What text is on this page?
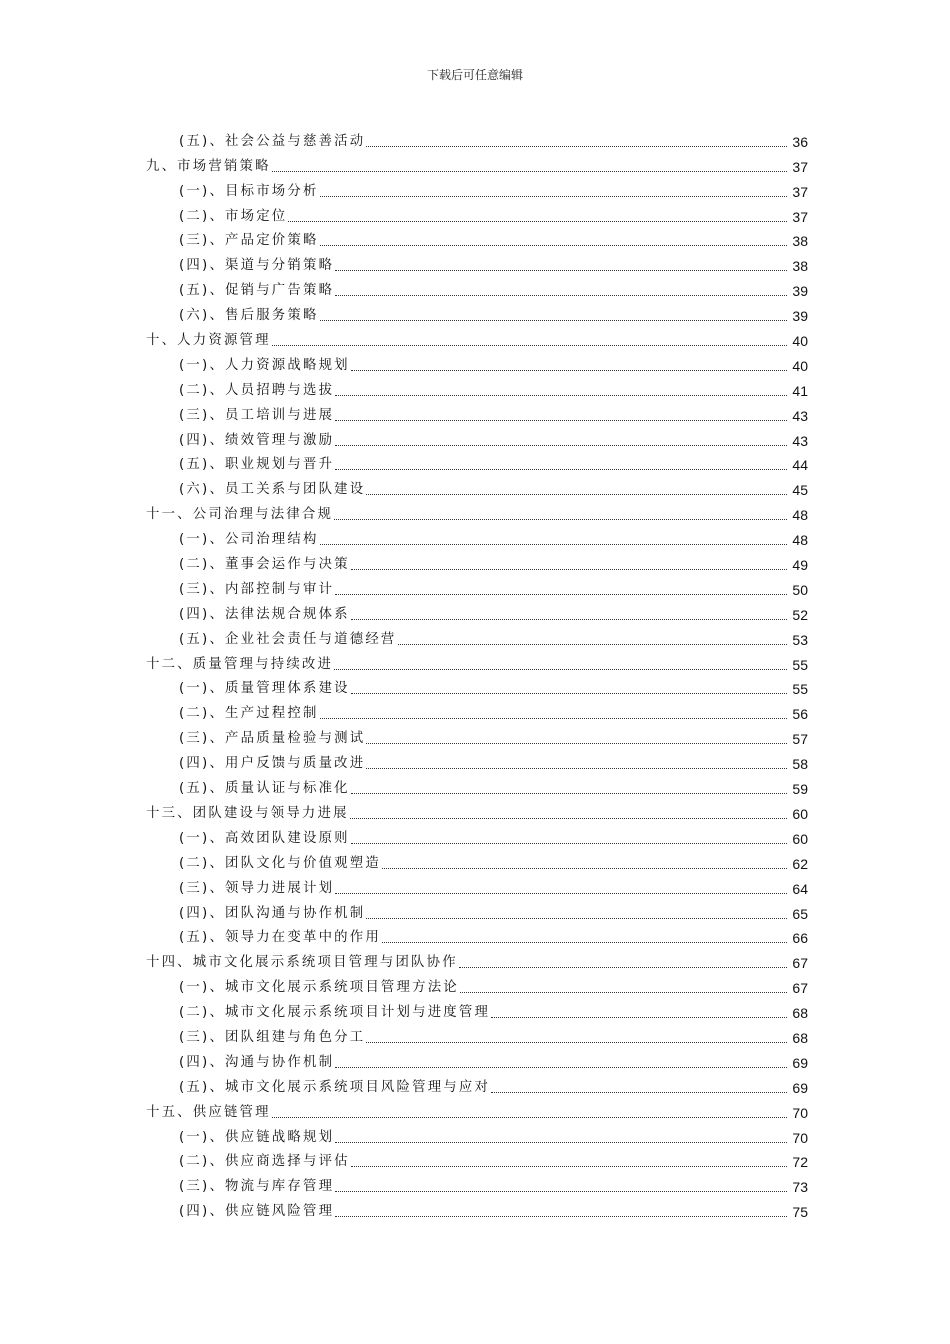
下载后可任意编辑
(五)、社会公益与慈善活动	36
九、市场营销策略	37
(一)、目标市场分析	37
(二)、市场定位	37
(三)、产品定价策略	38
(四)、渠道与分销策略	38
(五)、促销与广告策略	39
(六)、售后服务策略	39
十、人力资源管理	40
(一)、人力资源战略规划	40
(二)、人员招聘与选拔	41
(三)、员工培训与进展	43
(四)、绩效管理与激励	43
(五)、职业规划与晋升	44
(六)、员工关系与团队建设	45
十一、公司治理与法律合规	48
(一)、公司治理结构	48
(二)、董事会运作与决策	49
(三)、内部控制与审计	50
(四)、法律法规合规体系	52
(五)、企业社会责任与道德经营	53
十二、质量管理与持续改进	55
(一)、质量管理体系建设	55
(二)、生产过程控制	56
(三)、产品质量检验与测试	57
(四)、用户反馈与质量改进	58
(五)、质量认证与标准化	59
十三、团队建设与领导力进展	60
(一)、高效团队建设原则	60
(二)、团队文化与价值观塑造	62
(三)、领导力进展计划	64
(四)、团队沟通与协作机制	65
(五)、领导力在变革中的作用	66
十四、城市文化展示系统项目管理与团队协作	67
(一)、城市文化展示系统项目管理方法论	67
(二)、城市文化展示系统项目计划与进度管理	68
(三)、团队组建与角色分工	68
(四)、沟通与协作机制	69
(五)、城市文化展示系统项目风险管理与应对	69
十五、供应链管理	70
(一)、供应链战略规划	70
(二)、供应商选择与评估	72
(三)、物流与库存管理	73
(四)、供应链风险管理	75
